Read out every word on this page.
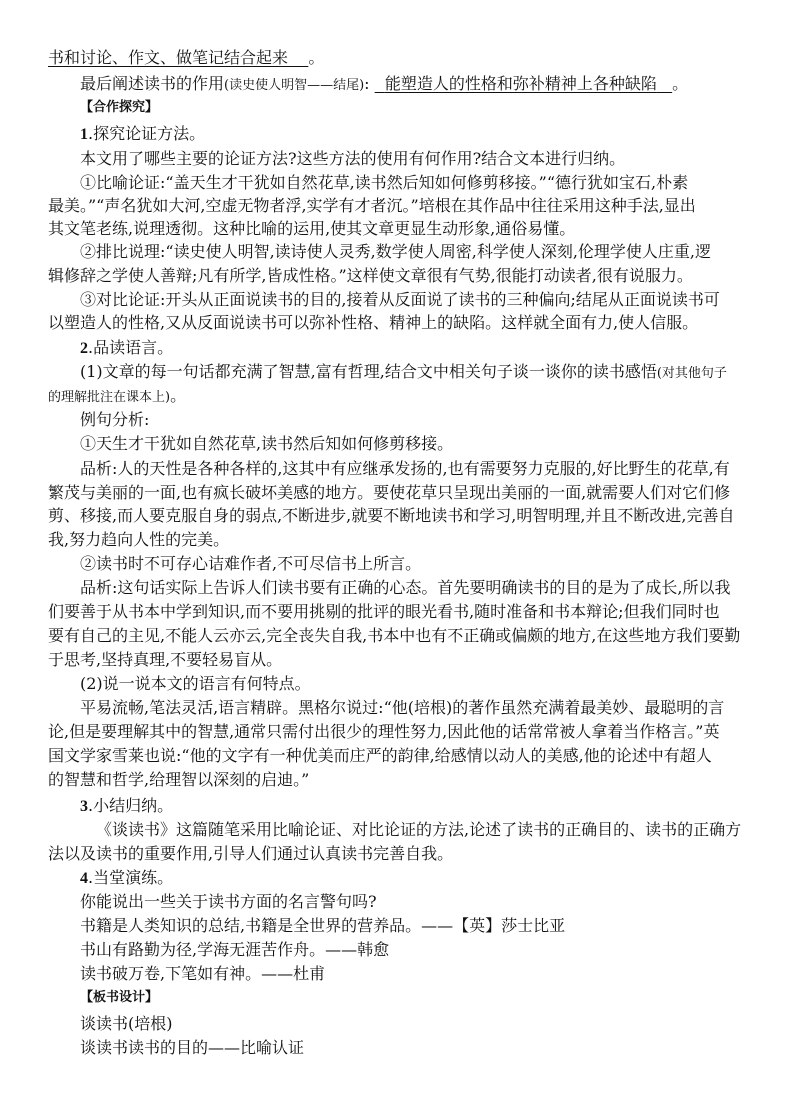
书和讨论、作文、做笔记结合起来 。
最后阐述读书的作用(读史使人明智——结尾): 能塑造人的性格和弥补精神上各种缺陷 。
【合作探究】
1.探究论证方法。
本文用了哪些主要的论证方法?这些方法的使用有何作用?结合文本进行归纳。
①比喻论证:“盖天生才干犹如自然花草,读书然后知如何修剪移接。”“德行犹如宝石,朴素
最美。”“声名犹如大河,空虚无物者浮,实学有才者沉。”培根在其作品中往往采用这种手法,显出
其文笔老练,说理透彻。这种比喻的运用,使其文章更显生动形象,通俗易懂。
②排比说理:“读史使人明智,读诗使人灵秀,数学使人周密,科学使人深刻,伦理学使人庄重,逻
辑修辞之学使人善辩;凡有所学,皆成性格。”这样使文章很有气势,很能打动读者,很有说服力。
③对比论证:开头从正面说读书的目的,接着从反面说了读书的三种偏向;结尾从正面说读书可
以塑造人的性格,又从反面说读书可以弥补性格、精神上的缺陷。这样就全面有力,使人信服。
2.品读语言。
(1)文章的每一句话都充满了智慧,富有哲理,结合文中相关句子谈一谈你的读书感悟(对其他句子
的理解批注在课本上)。
例句分析:
①天生才干犹如自然花草,读书然后知如何修剪移接。
品析:人的天性是各种各样的,这其中有应继承发扬的,也有需要努力克服的,好比野生的花草,有
繁茂与美丽的一面,也有疯长破坏美感的地方。要使花草只呈现出美丽的一面,就需要人们对它们修
剪、移接,而人要克服自身的弱点,不断进步,就要不断地读书和学习,明智明理,并且不断改进,完善自
我,努力趋向人性的完美。
②读书时不可存心诘难作者,不可尽信书上所言。
品析:这句话实际上告诉人们读书要有正确的心态。首先要明确读书的目的是为了成长,所以我
们要善于从书本中学到知识,而不要用挑剔的批评的眼光看书,随时准备和书本辩论;但我们同时也
要有自己的主见,不能人云亦云,完全丧失自我,书本中也有不正确或偏颇的地方,在这些地方我们要勤
于思考,坚持真理,不要轻易盲从。
(2)说一说本文的语言有何特点。
平易流畅,笔法灵活,语言精辟。黑格尔说过:“他(培根)的著作虽然充满着最美妙、最聪明的言
论,但是要理解其中的智慧,通常只需付出很少的理性努力,因此他的话常常被人拿着当作格言。”英
国文学家雪莱也说:“他的文字有一种优美而庄严的韵律,给感情以动人的美感,他的论述中有超人
的智慧和哲学,给理智以深刻的启迪。”
3.小结归纳。
《谈读书》这篇随笔采用比喻论证、对比论证的方法,论述了读书的正确目的、读书的正确方
法以及读书的重要作用,引导人们通过认真读书完善自我。
4.当堂演练。
你能说出一些关于读书方面的名言警句吗?
书籍是人类知识的总结,书籍是全世界的营养品。——【英】莎士比亚
书山有路勤为径,学海无涯苦作舟。——韩愈
读书破万卷,下笔如有神。——杜甫
【板书设计】
谈读书(培根)
谈读书读书的目的——比喻认证
